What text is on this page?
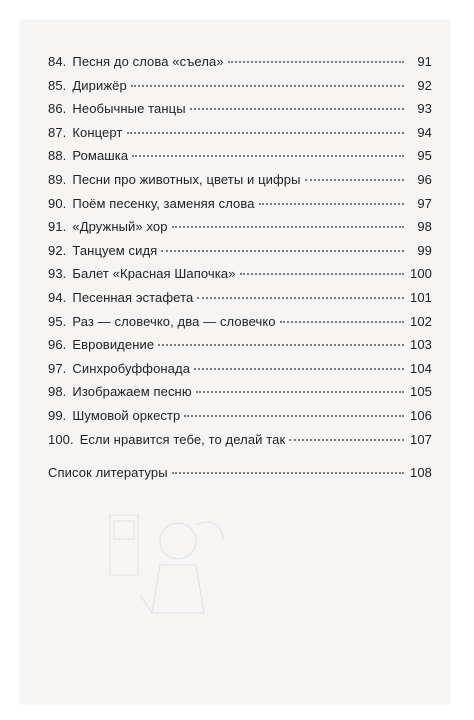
84. Песня до слова «съела»	91
85. Дирижёр	92
86. Необычные танцы	93
87. Концерт	94
88. Ромашка	95
89. Песни про животных, цветы и цифры	96
90. Поём песенку, заменяя слова	97
91. «Дружный» хор	98
92. Танцуем сидя	99
93. Балет «Красная Шапочка»	100
94. Песенная эстафета	101
95. Раз — словечко, два — словечко	102
96. Евровидение	103
97. Синхробуффонада	104
98. Изображаем песню	105
99. Шумовой оркестр	106
100. Если нравится тебе, то делай так	107
Список литературы	108
